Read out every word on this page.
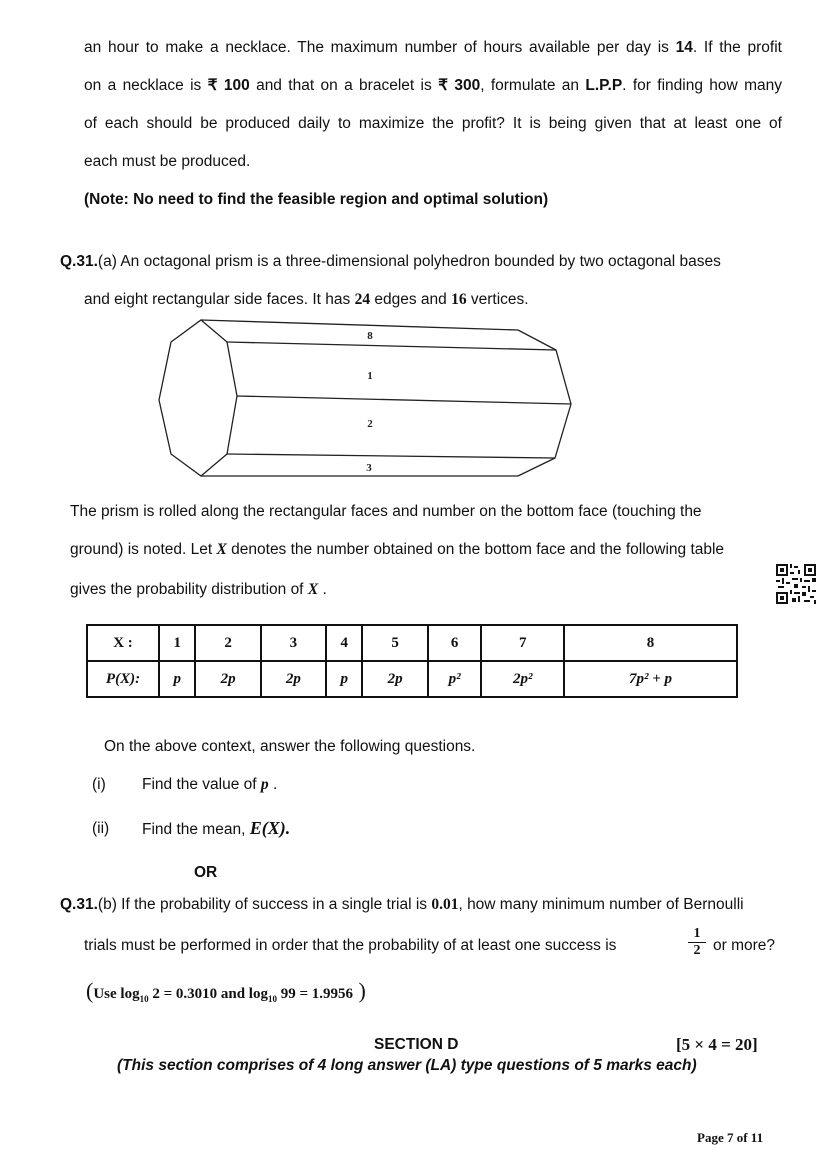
an hour to make a necklace. The maximum number of hours available per day is 14. If the profit

on a necklace is ₹ 100 and that on a bracelet is ₹ 300, formulate an L.P.P. for finding how many

of each should be produced daily to maximize the profit? It is being given that at least one of

each must be produced.

(Note: No need to find the feasible region and optimal solution)

Q.31.(a) An octagonal prism is a three-dimensional polyhedron bounded by two octagonal bases
and eight rectangular side faces. It has 24 edges and 16 vertices.
8
1
2
3
The prism is rolled along the rectangular faces and number on the bottom face (touching the
ground) is noted. Let X denotes the number obtained on the bottom face and the following table
gives the probability distribution of X .
X :	1	2	3	4	5	6	7	8
P(X):	p	2p	2p	p	2p	p²	2p²	7p² + p
On the above context, answer the following questions.
(i) Find the value of p .
(ii) Find the mean, E(X).
OR
Q.31.(b) If the probability of success in a single trial is 0.01, how many minimum number of Bernoulli
trials must be performed in order that the probability of at least one success is	$\frac{1}{2}$ or more?
(Use $\log_{10} 2 = 0.3010$ and $\log_{10} 99 = 1.9956$ )
SECTION D	[5 × 4 = 20]
(This section comprises of 4 long answer (LA) type questions of 5 marks each)
Page 7 of 11
